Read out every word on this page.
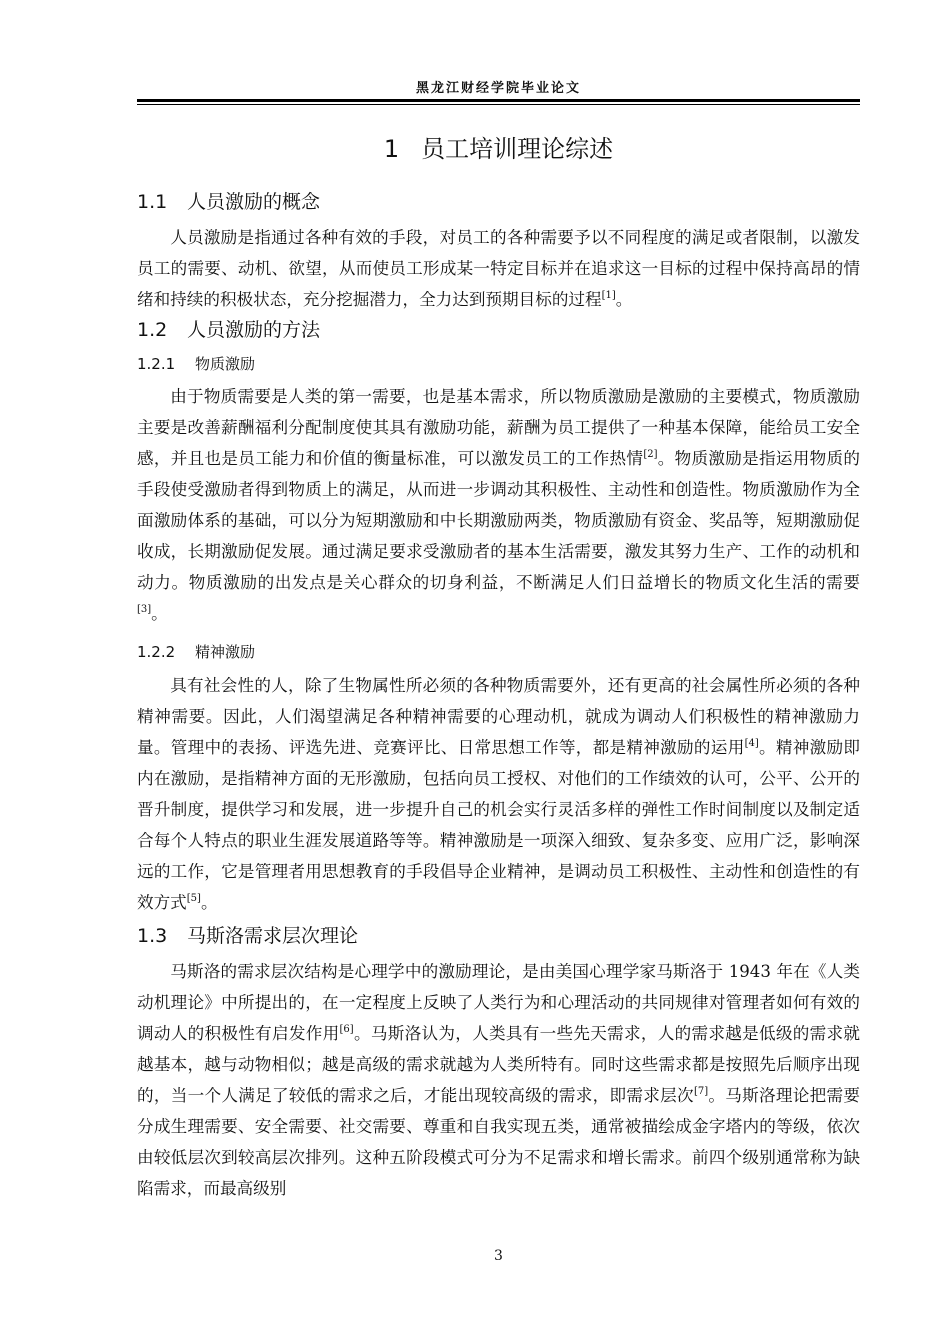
黑龙江财经学院毕业论文
1 员工培训理论综述
1.1 人员激励的概念
人员激励是指通过各种有效的手段，对员工的各种需要予以不同程度的满足或者限制，以激发员工的需要、动机、欲望，从而使员工形成某一特定目标并在追求这一目标的过程中保持高昂的情绪和持续的积极状态，充分挖掘潜力，全力达到预期目标的过程[1]。
1.2 人员激励的方法
1.2.1 物质激励
由于物质需要是人类的第一需要，也是基本需求，所以物质激励是激励的主要模式，物质激励主要是改善薪酬福利分配制度使其具有激励功能，薪酬为员工提供了一种基本保障，能给员工安全感，并且也是员工能力和价值的衡量标准，可以激发员工的工作热情[2]。物质激励是指运用物质的手段使受激励者得到物质上的满足，从而进一步调动其积极性、主动性和创造性。物质激励作为全面激励体系的基础，可以分为短期激励和中长期激励两类，物质激励有资金、奖品等，短期激励促收成，长期激励促发展。通过满足要求受激励者的基本生活需要，激发其努力生产、工作的动机和动力。物质激励的出发点是关心群众的切身利益，不断满足人们日益增长的物质文化生活的需要[3]。
1.2.2 精神激励
具有社会性的人，除了生物属性所必须的各种物质需要外，还有更高的社会属性所必须的各种精神需要。因此，人们渴望满足各种精神需要的心理动机，就成为调动人们积极性的精神激励力量。管理中的表扬、评选先进、竞赛评比、日常思想工作等，都是精神激励的运用[4]。精神激励即内在激励，是指精神方面的无形激励，包括向员工授权、对他们的工作绩效的认可，公平、公开的晋升制度，提供学习和发展，进一步提升自己的机会实行灵活多样的弹性工作时间制度以及制定适合每个人特点的职业生涯发展道路等等。精神激励是一项深入细致、复杂多变、应用广泛，影响深远的工作，它是管理者用思想教育的手段倡导企业精神，是调动员工积极性、主动性和创造性的有效方式[5]。
1.3 马斯洛需求层次理论
马斯洛的需求层次结构是心理学中的激励理论，是由美国心理学家马斯洛于 1943 年在《人类动机理论》中所提出的，在一定程度上反映了人类行为和心理活动的共同规律对管理者如何有效的调动人的积极性有启发作用[6]。马斯洛认为，人类具有一些先天需求，人的需求越是低级的需求就越基本，越与动物相似；越是高级的需求就越为人类所特有。同时这些需求都是按照先后顺序出现的，当一个人满足了较低的需求之后，才能出现较高级的需求，即需求层次[7]。马斯洛理论把需要分成生理需要、安全需要、社交需要、尊重和自我实现五类，通常被描绘成金字塔内的等级，依次由较低层次到较高层次排列。这种五阶段模式可分为不足需求和增长需求。前四个级别通常称为缺陷需求，而最高级别
3
